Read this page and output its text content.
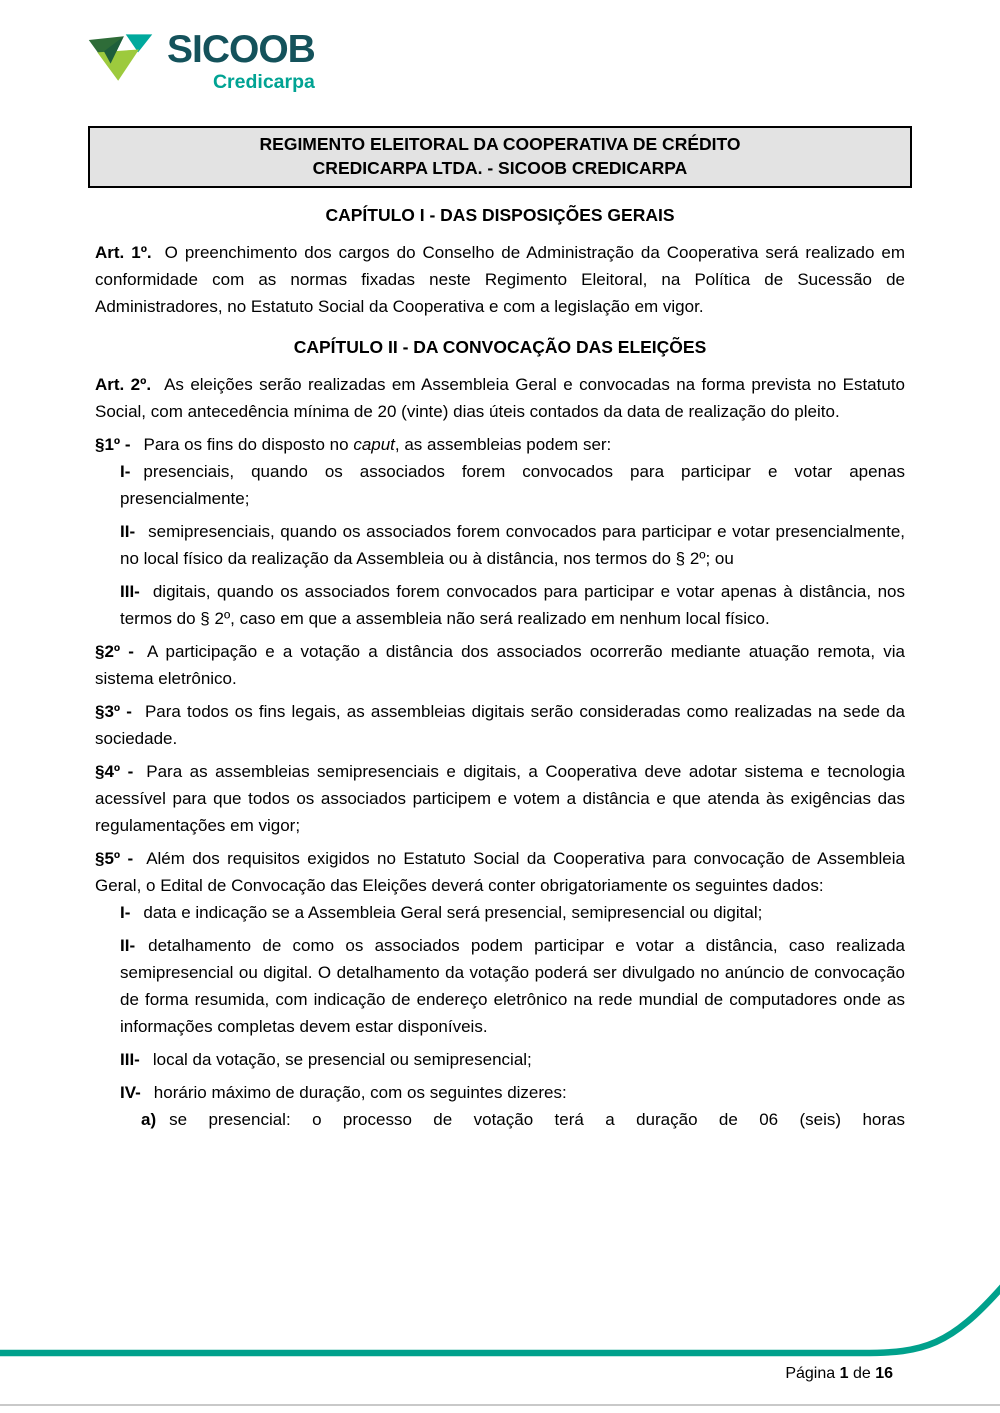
SICOOB
Credicarpa
REGIMENTO ELEITORAL DA COOPERATIVA DE CRÉDITO
CREDICARPA LTDA. - SICOOB CREDICARPA

CAPÍTULO I - DAS DISPOSIÇÕES GERAIS

Art. 1º. O preenchimento dos cargos do Conselho de Administração da Cooperativa será realizado em conformidade com as normas fixadas neste Regimento Eleitoral, na Política de Sucessão de Administradores, no Estatuto Social da Cooperativa e com a legislação em vigor.

CAPÍTULO II - DA CONVOCAÇÃO DAS ELEIÇÕES

Art. 2º. As eleições serão realizadas em Assembleia Geral e convocadas na forma prevista no Estatuto Social, com antecedência mínima de 20 (vinte) dias úteis contados da data de realização do pleito.

§1º - Para os fins do disposto no caput, as assembleias podem ser:

I- presenciais, quando os associados forem convocados para participar e votar apenas presencialmente;

II- semipresenciais, quando os associados forem convocados para participar e votar presencialmente, no local físico da realização da Assembleia ou à distância, nos termos do § 2º; ou

III- digitais, quando os associados forem convocados para participar e votar apenas à distância, nos termos do § 2º, caso em que a assembleia não será realizado em nenhum local físico.

§2º - A participação e a votação a distância dos associados ocorrerão mediante atuação remota, via sistema eletrônico.

§3º - Para todos os fins legais, as assembleias digitais serão consideradas como realizadas na sede da sociedade.

§4º - Para as assembleias semipresenciais e digitais, a Cooperativa deve adotar sistema e tecnologia acessível para que todos os associados participem e votem a distância e que atenda às exigências das regulamentações em vigor;

§5º - Além dos requisitos exigidos no Estatuto Social da Cooperativa para convocação de Assembleia Geral, o Edital de Convocação das Eleições deverá conter obrigatoriamente os seguintes dados:

I- data e indicação se a Assembleia Geral será presencial, semipresencial ou digital;

II- detalhamento de como os associados podem participar e votar a distância, caso realizada semipresencial ou digital. O detalhamento da votação poderá ser divulgado no anúncio de convocação de forma resumida, com indicação de endereço eletrônico na rede mundial de computadores onde as informações completas devem estar disponíveis.

III- local da votação, se presencial ou semipresencial;

IV- horário máximo de duração, com os seguintes dizeres:

a) se presencial: o processo de votação terá a duração de 06 (seis) horas

Página 1 de 16
